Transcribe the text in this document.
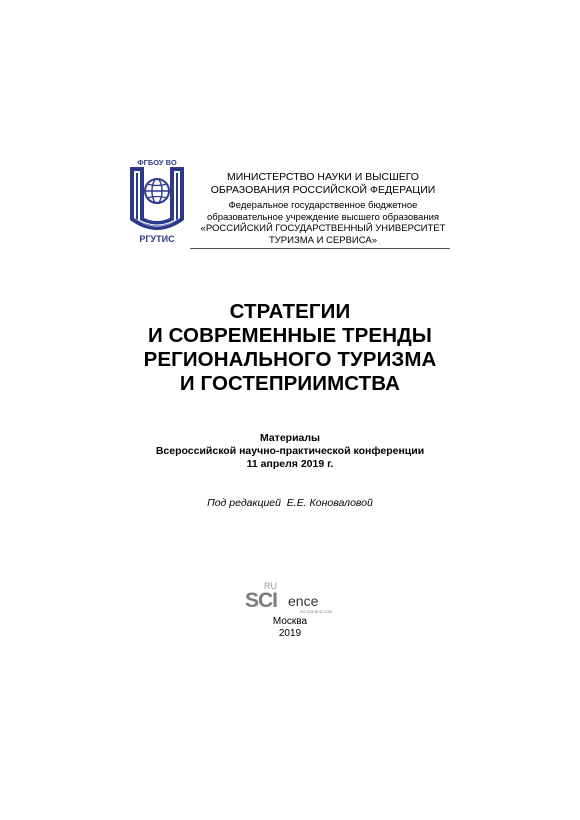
ФГБОУ ВО
РГУТИС
МИНИСТЕРСТВО НАУКИ И ВЫСШЕГО
ОБРАЗОВАНИЯ РОССИЙСКОЙ ФЕДЕРАЦИИ
Федеральное государственное бюджетное
образовательное учреждение высшего образования
«РОССИЙСКИЙ ГОСУДАРСТВЕННЫЙ УНИВЕРСИТЕТ
ТУРИЗМА И СЕРВИСА»
СТРАТЕГИИ
И СОВРЕМЕННЫЕ ТРЕНДЫ
РЕГИОНАЛЬНОГО ТУРИЗМА
И ГОСТЕПРИИМСТВА
Материалы
Всероссийской научно-практической конференции
11 апреля 2019 г.
Под редакцией  Е.Е. Коноваловой
RU
SCI ence
RU-SCIENCE.COM
Москва
2019
